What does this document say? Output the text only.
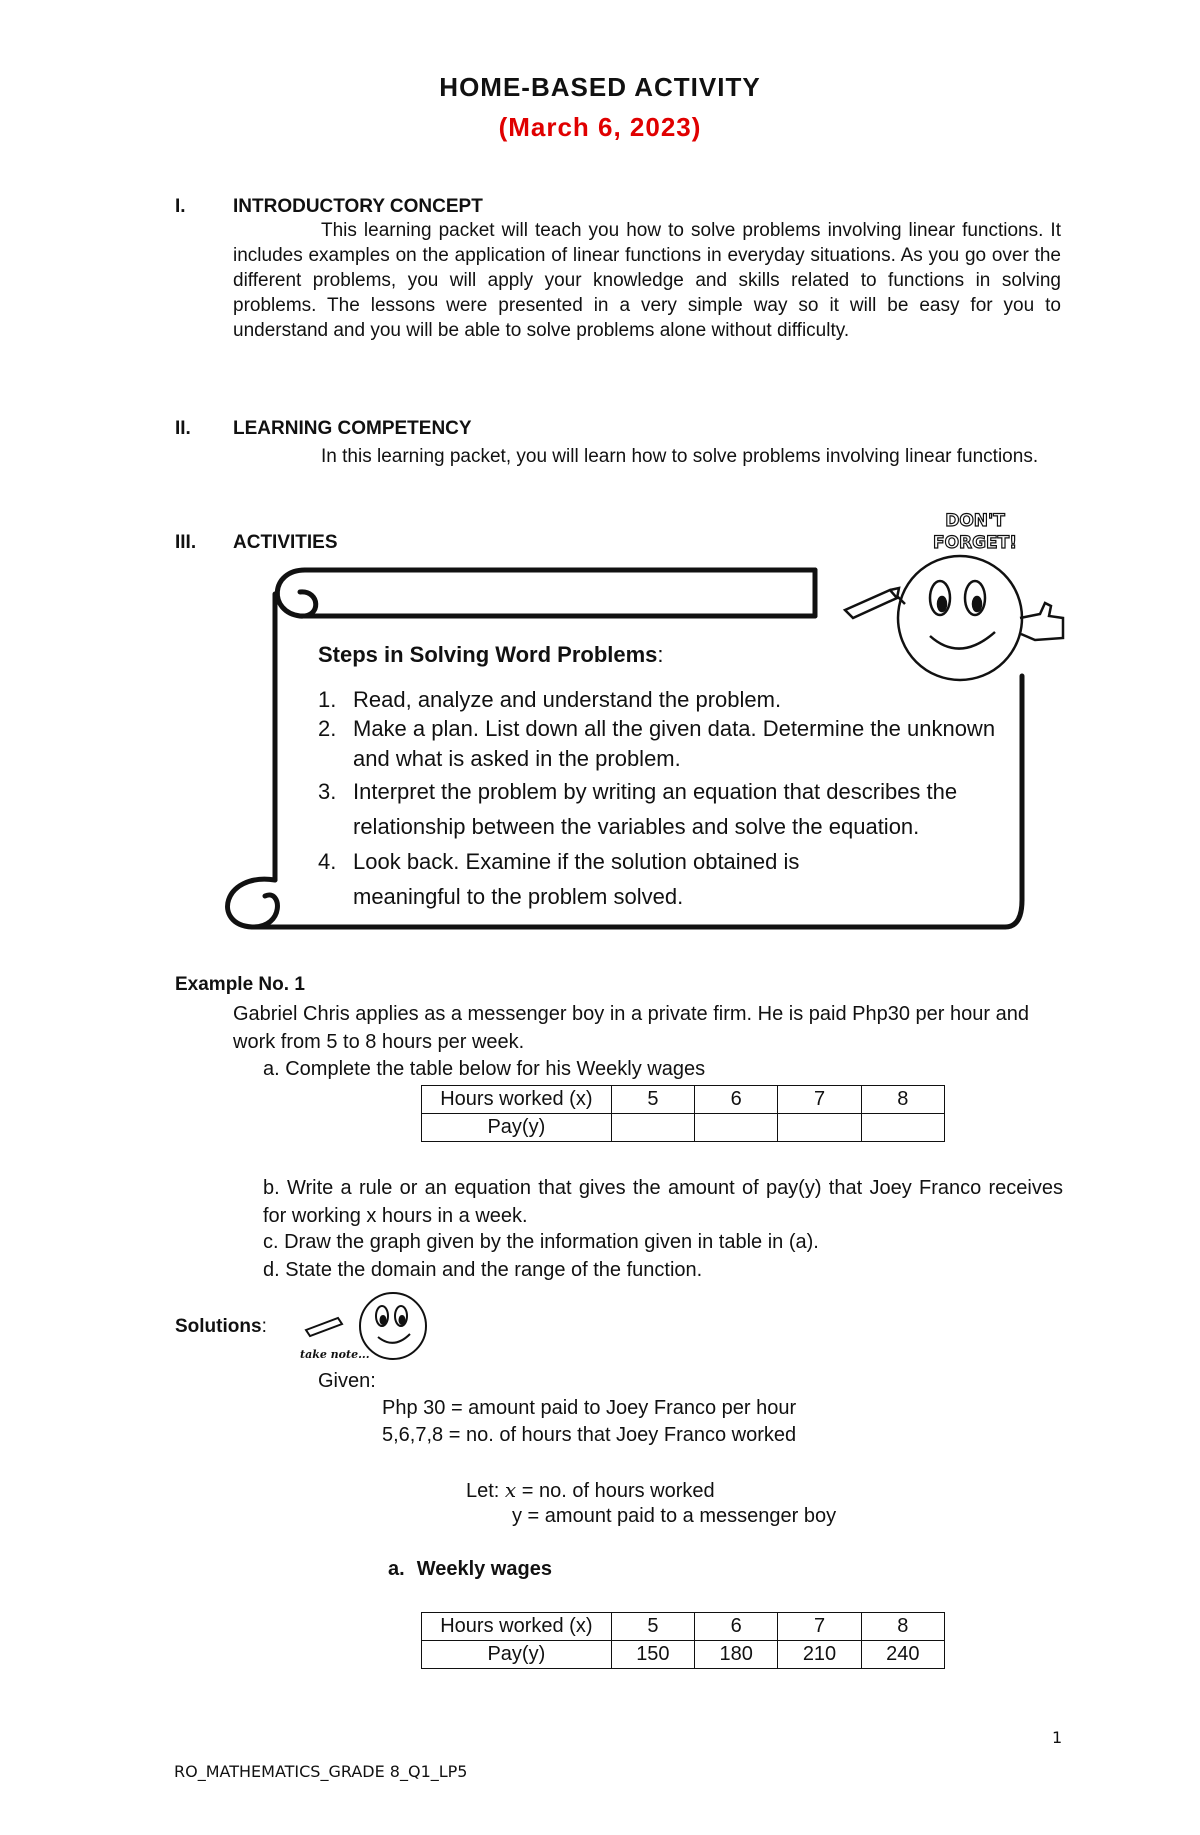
HOME-BASED ACTIVITY
(March 6, 2023)
I. INTRODUCTORY CONCEPT
This learning packet will teach you how to solve problems involving linear functions. It includes examples on the application of linear functions in everyday situations. As you go over the different problems, you will apply your knowledge and skills related to functions in solving problems. The lessons were presented in a very simple way so it will be easy for you to understand and you will be able to solve problems alone without difficulty.
II. LEARNING COMPETENCY
In this learning packet, you will learn how to solve problems involving linear functions.
III. ACTIVITIES
DON'T
FORGET!
Steps in Solving Word Problems:
1. Read, analyze and understand the problem.
2. Make a plan. List down all the given data. Determine the unknown and what is asked in the problem.
3. Interpret the problem by writing an equation that describes the relationship between the variables and solve the equation.
4. Look back. Examine if the solution obtained is meaningful to the problem solved.
Example No. 1
Gabriel Chris applies as a messenger boy in a private firm. He is paid Php30 per hour and work from 5 to 8 hours per week.
a. Complete the table below for his Weekly wages
Hours worked (x)	5	6	7	8
Pay(y)				
b. Write a rule or an equation that gives the amount of pay(y) that Joey Franco receives for working x hours in a week.
c. Draw the graph given by the information given in table in (a).
d. State the domain and the range of the function.
Solutions:
take note...
Given:
Php 30 = amount paid to Joey Franco per hour
5,6,7,8 = no. of hours that Joey Franco worked
Let: x = no. of hours worked
y = amount paid to a messenger boy
a. Weekly wages
Hours worked (x)	5	6	7	8
Pay(y)	150	180	210	240
1
RO_MATHEMATICS_GRADE 8_Q1_LP5
